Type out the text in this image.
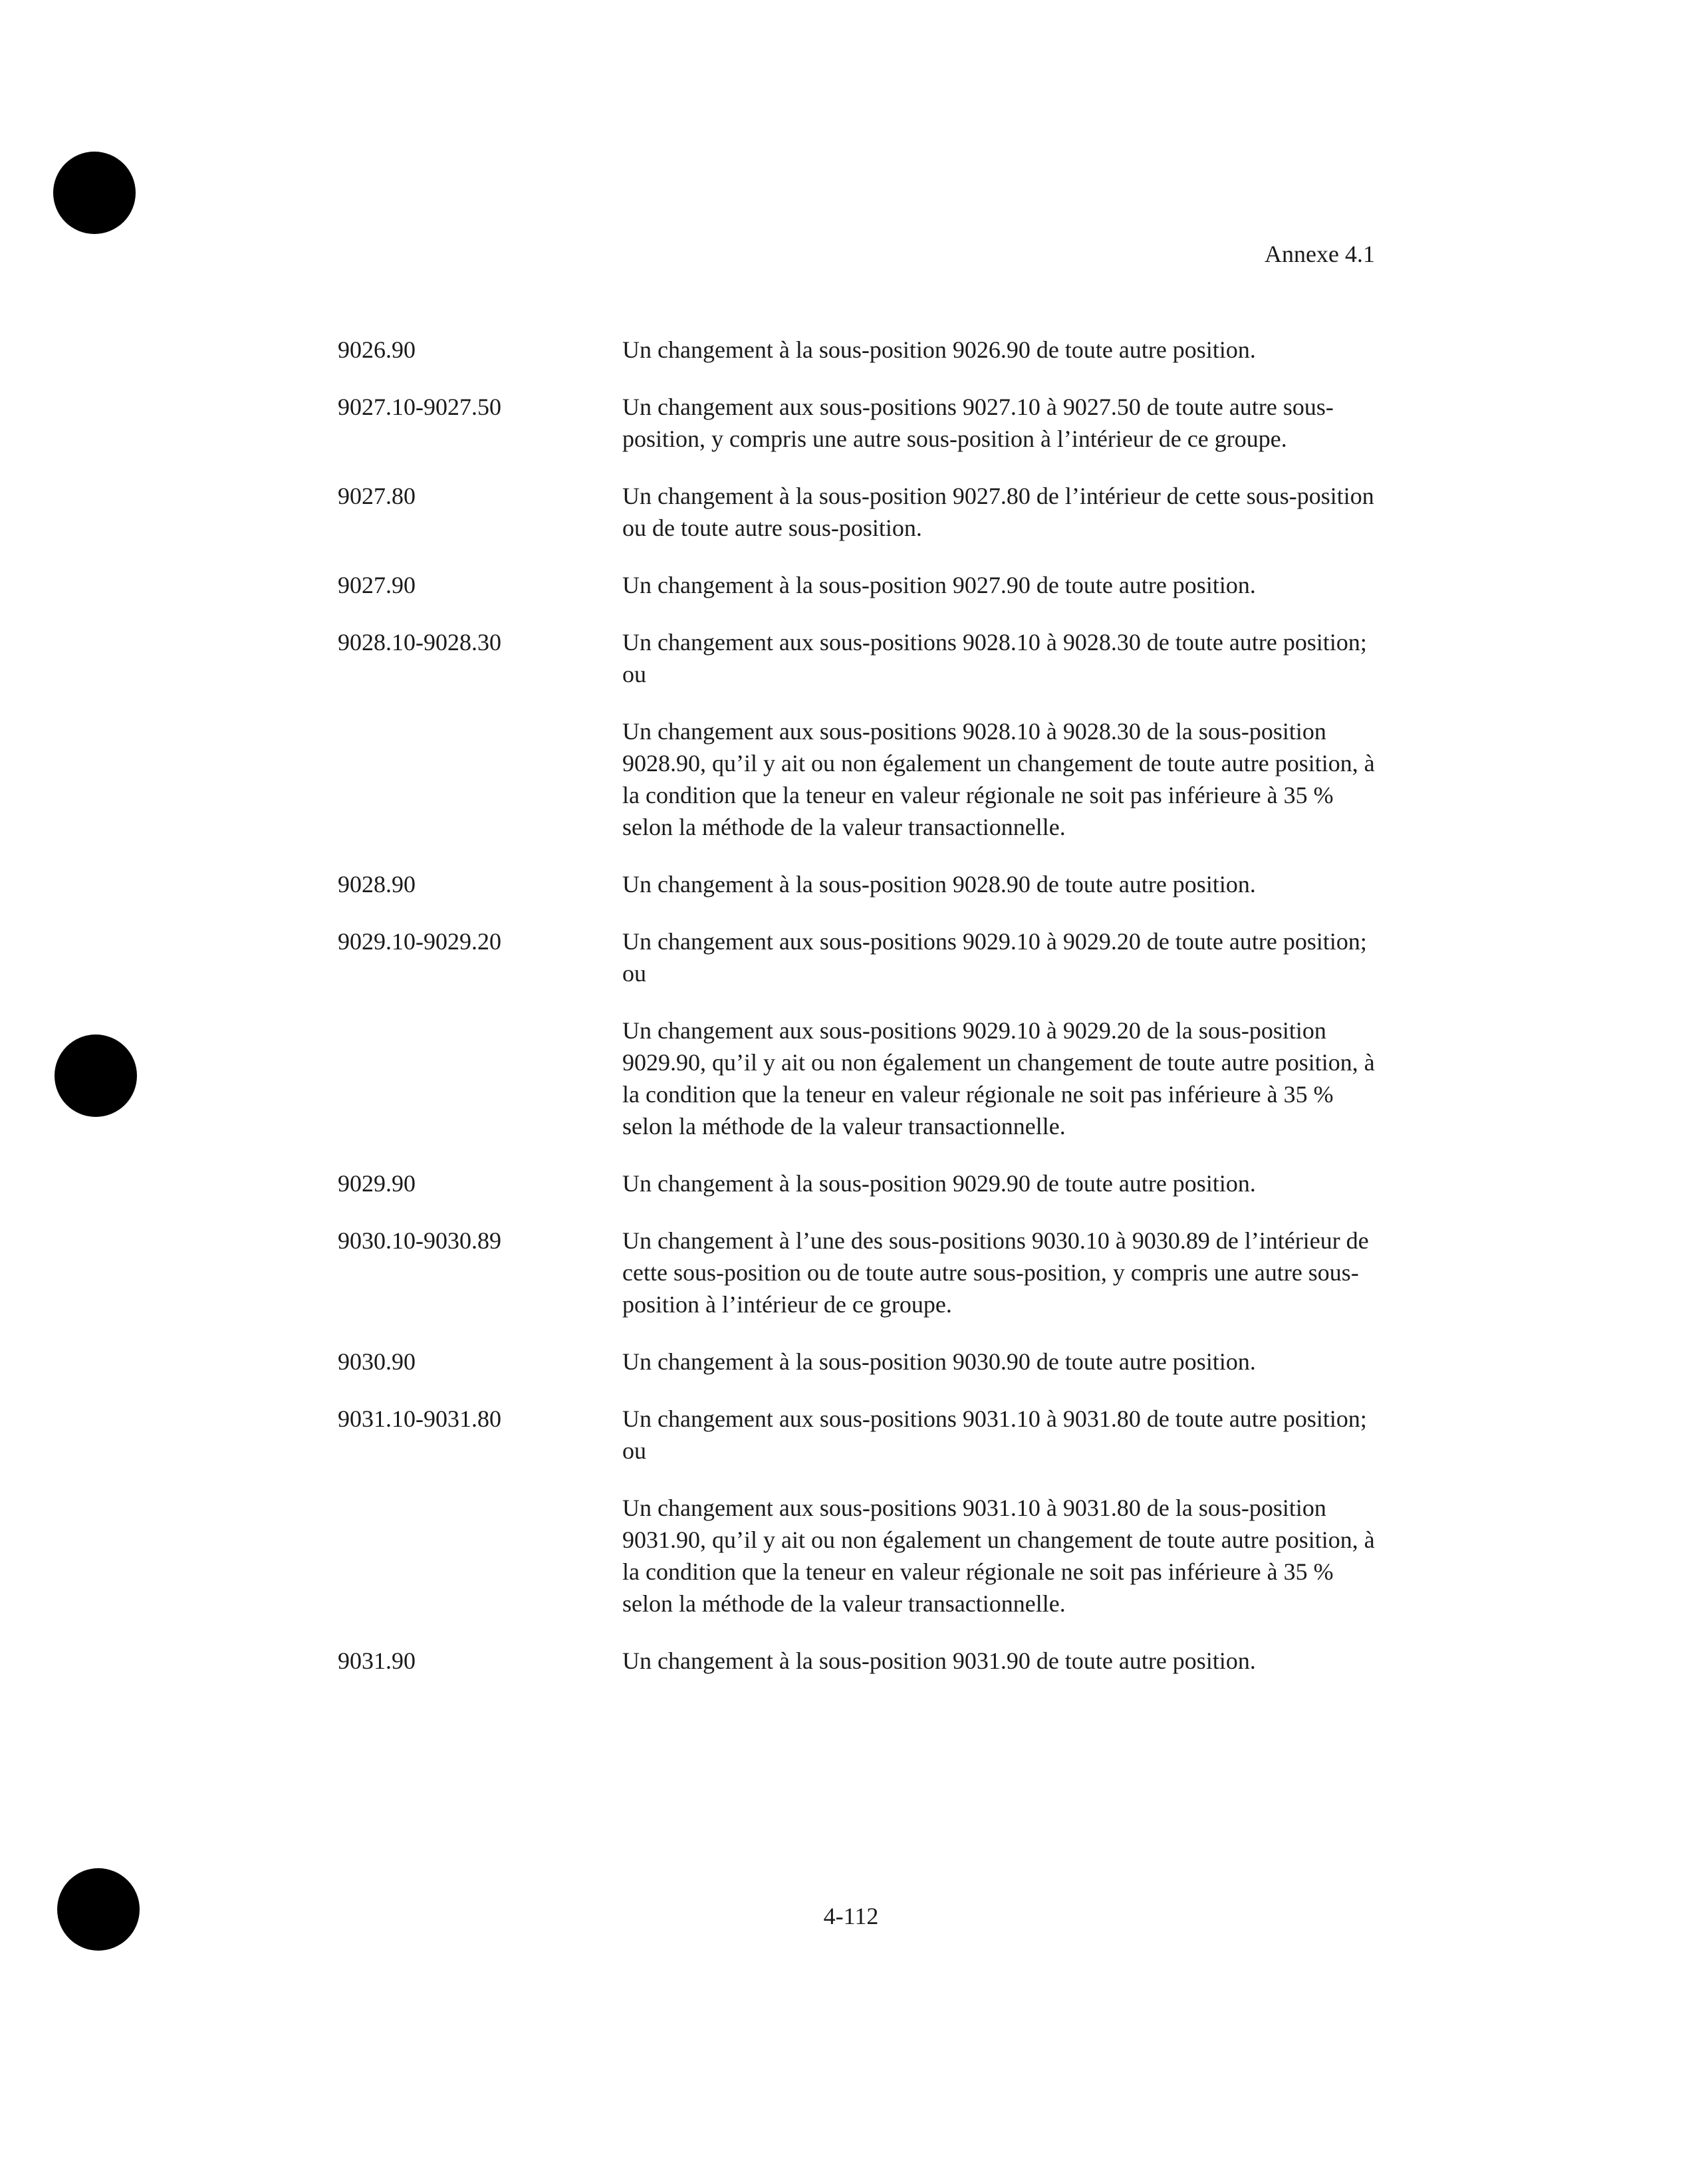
Annexe 4.1
9026.90	Un changement à la sous-position 9026.90 de toute autre position.

9027.10-9027.50	Un changement aux sous-positions 9027.10 à 9027.50 de toute autre sous-position, y compris une autre sous-position à l’intérieur de ce groupe.

9027.80	Un changement à la sous-position 9027.80 de l’intérieur de cette sous-position ou de toute autre sous-position.

9027.90	Un changement à la sous-position 9027.90 de toute autre position.

9028.10-9028.30	Un changement aux sous-positions 9028.10 à 9028.30 de toute autre position; ou

Un changement aux sous-positions 9028.10 à 9028.30 de la sous-position 9028.90, qu’il y ait ou non également un changement de toute autre position, à la condition que la teneur en valeur régionale ne soit pas inférieure à 35 % selon la méthode de la valeur transactionnelle.

9028.90	Un changement à la sous-position 9028.90 de toute autre position.

9029.10-9029.20	Un changement aux sous-positions 9029.10 à 9029.20 de toute autre position; ou

Un changement aux sous-positions 9029.10 à 9029.20 de la sous-position 9029.90, qu’il y ait ou non également un changement de toute autre position, à la condition que la teneur en valeur régionale ne soit pas inférieure à 35 % selon la méthode de la valeur transactionnelle.

9029.90	Un changement à la sous-position 9029.90 de toute autre position.

9030.10-9030.89	Un changement à l’une des sous-positions 9030.10 à 9030.89 de l’intérieur de cette sous-position ou de toute autre sous-position, y compris une autre sous-position à l’intérieur de ce groupe.

9030.90	Un changement à la sous-position 9030.90 de toute autre position.

9031.10-9031.80	Un changement aux sous-positions 9031.10 à 9031.80 de toute autre position; ou

Un changement aux sous-positions 9031.10 à 9031.80 de la sous-position 9031.90, qu’il y ait ou non également un changement de toute autre position, à la condition que la teneur en valeur régionale ne soit pas inférieure à 35 % selon la méthode de la valeur transactionnelle.

9031.90	Un changement à la sous-position 9031.90 de toute autre position.

4-112
